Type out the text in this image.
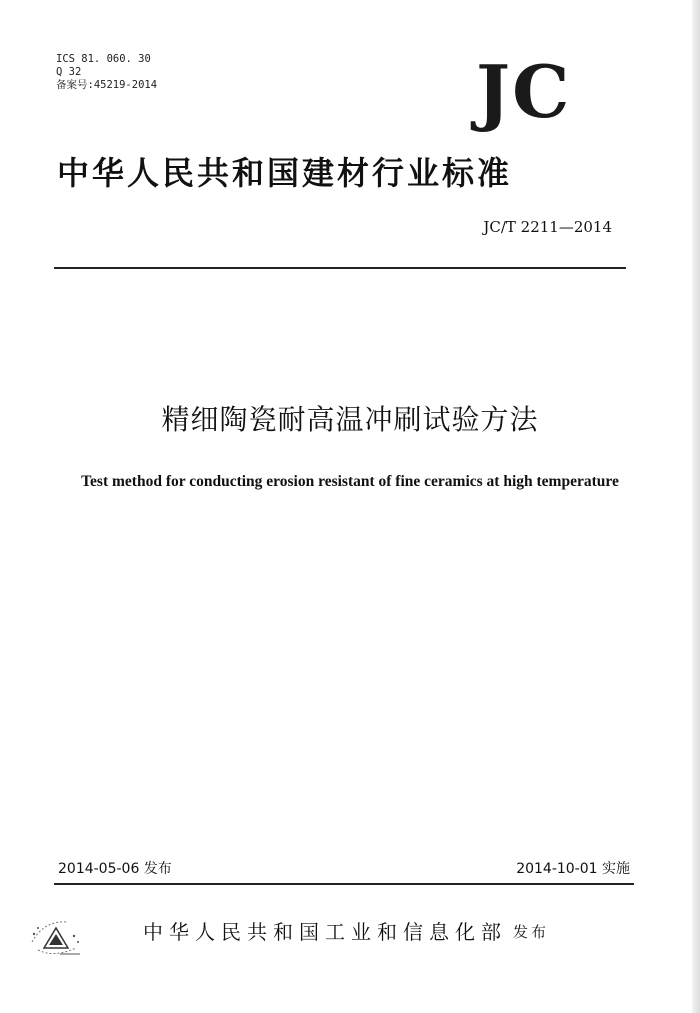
ICS 81. 060. 30
Q 32
备案号:45219-2014	JC
中华人民共和国建材行业标准
JC/T 2211—2014
精细陶瓷耐高温冲刷试验方法
Test method for conducting erosion resistant of fine ceramics at high temperature
2014-05-06 发布	2014-10-01 实施
中华人民共和国工业和信息化部 发布
